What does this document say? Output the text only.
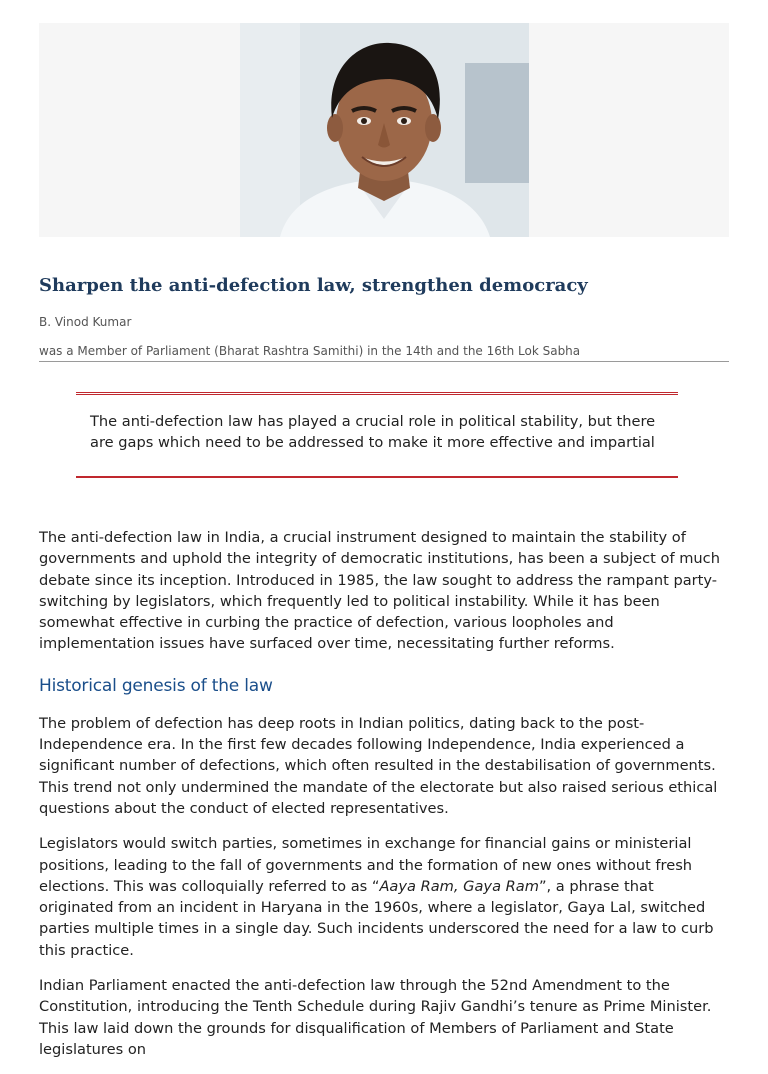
Sharpen the anti-defection law, strengthen democracy
B. Vinod Kumar
was a Member of Parliament (Bharat Rashtra Samithi) in the 14th and the 16th Lok Sabha
The anti-defection law has played a crucial role in political stability, but there are gaps which need to be addressed to make it more effective and impartial

The anti-defection law in India, a crucial instrument designed to maintain the stability of governments and uphold the integrity of democratic institutions, has been a subject of much debate since its inception. Introduced in 1985, the law sought to address the rampant party-switching by legislators, which frequently led to political instability. While it has been somewhat effective in curbing the practice of defection, various loopholes and implementation issues have surfaced over time, necessitating further reforms.

Historical genesis of the law

The problem of defection has deep roots in Indian politics, dating back to the post-Independence era. In the first few decades following Independence, India experienced a significant number of defections, which often resulted in the destabilisation of governments. This trend not only undermined the mandate of the electorate but also raised serious ethical questions about the conduct of elected representatives.

Legislators would switch parties, sometimes in exchange for financial gains or ministerial positions, leading to the fall of governments and the formation of new ones without fresh elections. This was colloquially referred to as “Aaya Ram, Gaya Ram”, a phrase that originated from an incident in Haryana in the 1960s, where a legislator, Gaya Lal, switched parties multiple times in a single day. Such incidents underscored the need for a law to curb this practice.

Indian Parliament enacted the anti-defection law through the 52nd Amendment to the Constitution, introducing the Tenth Schedule during Rajiv Gandhi’s tenure as Prime Minister. This law laid down the grounds for disqualification of Members of Parliament and State legislatures on
